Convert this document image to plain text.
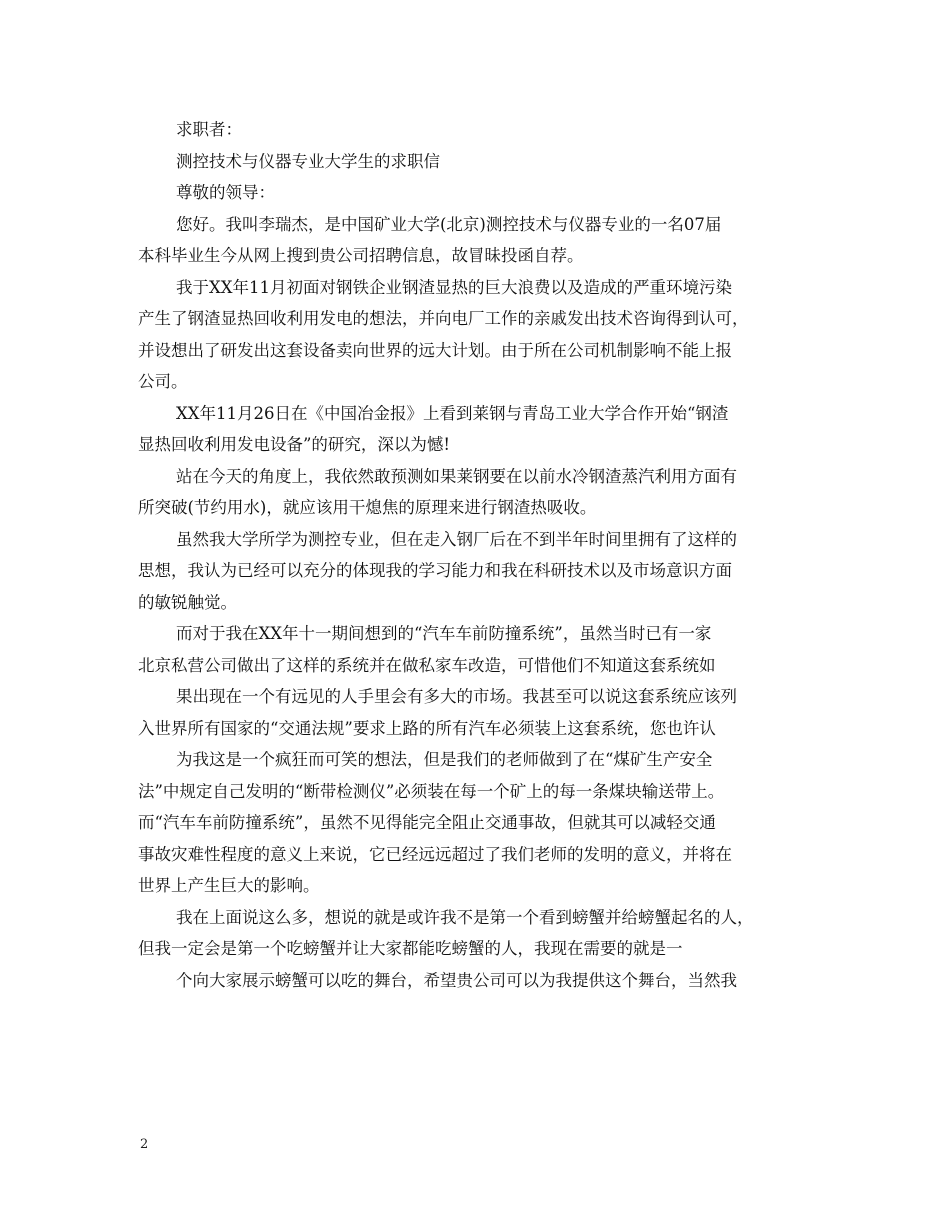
求职者：
测控技术与仪器专业大学生的求职信
尊敬的领导：
您好。我叫李瑞杰，是中国矿业大学(北京)测控技术与仪器专业的一名07届
本科毕业生今从网上搜到贵公司招聘信息，故冒昧投函自荐。
我于XX年11月初面对钢铁企业钢渣显热的巨大浪费以及造成的严重环境污染
产生了钢渣显热回收利用发电的想法，并向电厂工作的亲戚发出技术咨询得到认可，
并设想出了研发出这套设备卖向世界的远大计划。由于所在公司机制影响不能上报
公司。
XX年11月26日在《中国冶金报》上看到莱钢与青岛工业大学合作开始“钢渣
显热回收利用发电设备”的研究，深以为憾!
站在今天的角度上，我依然敢预测如果莱钢要在以前水冷钢渣蒸汽利用方面有
所突破(节约用水)，就应该用干熄焦的原理来进行钢渣热吸收。
虽然我大学所学为测控专业，但在走入钢厂后在不到半年时间里拥有了这样的
思想，我认为已经可以充分的体现我的学习能力和我在科研技术以及市场意识方面
的敏锐触觉。
而对于我在XX年十一期间想到的“汽车车前防撞系统”，虽然当时已有一家
北京私营公司做出了这样的系统并在做私家车改造，可惜他们不知道这套系统如
果出现在一个有远见的人手里会有多大的市场。我甚至可以说这套系统应该列
入世界所有国家的“交通法规”要求上路的所有汽车必须装上这套系统，您也许认
为我这是一个疯狂而可笑的想法，但是我们的老师做到了在“煤矿生产安全
法”中规定自己发明的“断带检测仪”必须装在每一个矿上的每一条煤块输送带上。
而“汽车车前防撞系统”，虽然不见得能完全阻止交通事故，但就其可以减轻交通
事故灾难性程度的意义上来说，它已经远远超过了我们老师的发明的意义，并将在
世界上产生巨大的影响。
我在上面说这么多，想说的就是或许我不是第一个看到螃蟹并给螃蟹起名的人，
但我一定会是第一个吃螃蟹并让大家都能吃螃蟹的人，我现在需要的就是一
个向大家展示螃蟹可以吃的舞台，希望贵公司可以为我提供这个舞台，当然我
2
